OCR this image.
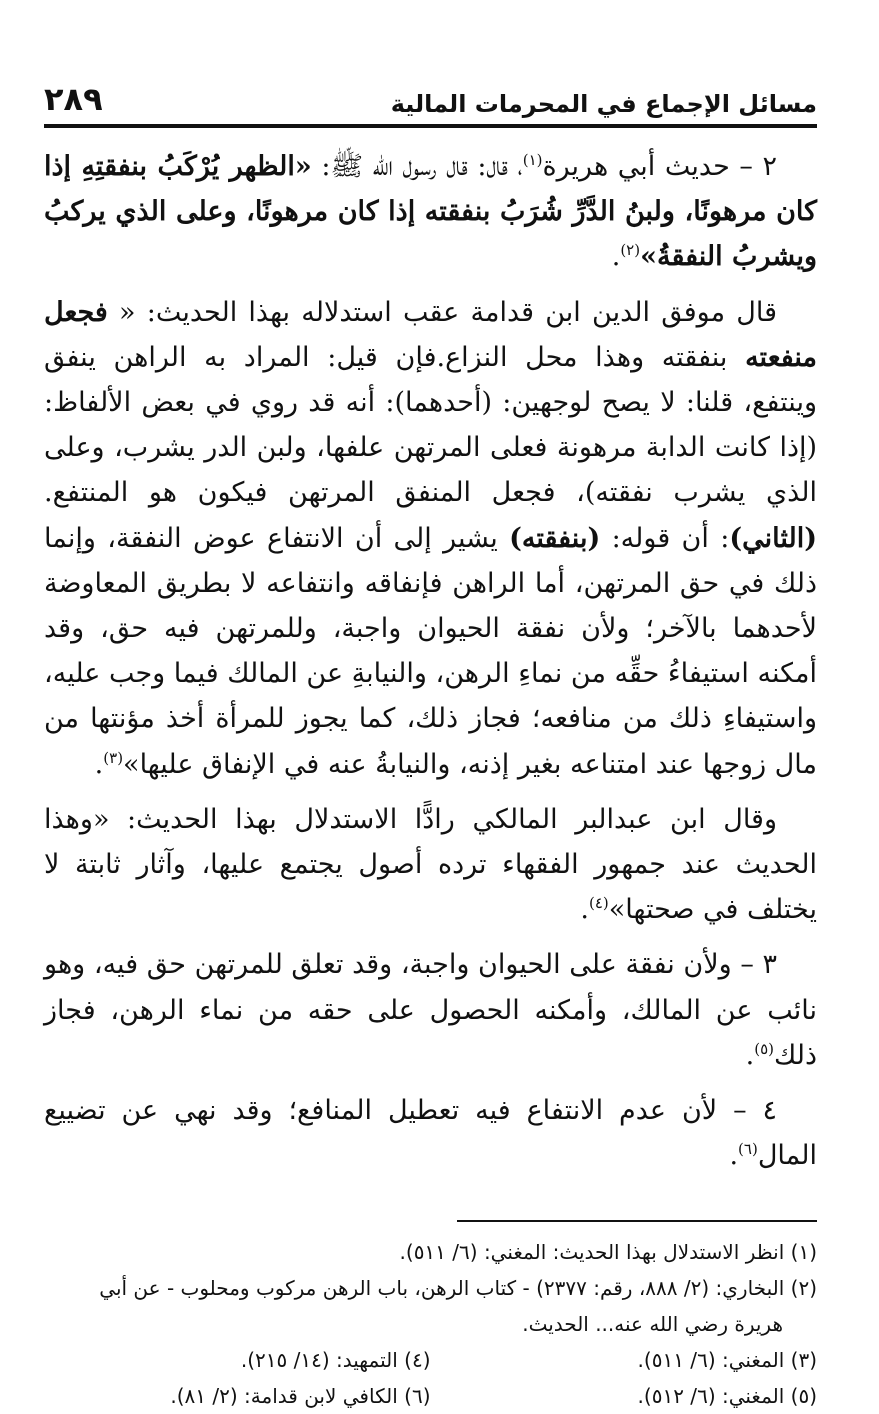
مسائل الإجماع في المحرمات المالية
٢٨٩

٢ – حديث أبي هريرة$^{(١)}$، قال: قال رسول الله ﷺ: «الظهر يُرْكَبُ بنفقتِهِ إذا كان مرهونًا، ولبنُ الدَّرِّ شُرَبُ بنفقته إذا كان مرهونًا، وعلى الذي يركبُ ويشربُ النفقةُ»$^{(٢)}$.

قال موفق الدين ابن قدامة عقب استدلاله بهذا الحديث: « فجعل منفعته بنفقته وهذا محل النزاع.فإن قيل: المراد به الراهن ينفق وينتفع، قلنا: لا يصح لوجهين: (أحدهما): أنه قد روي في بعض الألفاظ: (إذا كانت الدابة مرهونة فعلى المرتهن علفها، ولبن الدر يشرب، وعلى الذي يشرب نفقته)، فجعل المنفق المرتهن فيكون هو المنتفع. (الثاني): أن قوله: (بنفقته) يشير إلى أن الانتفاع عوض النفقة، وإنما ذلك في حق المرتهن، أما الراهن فإنفاقه وانتفاعه لا بطريق المعاوضة لأحدهما بالآخر؛ ولأن نفقة الحيوان واجبة، وللمرتهن فيه حق، وقد أمكنه استيفاءُ حقِّه من نماءِ الرهن، والنيابةِ عن المالك فيما وجب عليه، واستيفاءِ ذلك من منافعه؛ فجاز ذلك، كما يجوز للمرأة أخذ مؤنتها من مال زوجها عند امتناعه بغير إذنه، والنيابةُ عنه في الإنفاق عليها»$^{(٣)}$.

وقال ابن عبدالبر المالكي رادًّا الاستدلال بهذا الحديث: «وهذا الحديث عند جمهور الفقهاء ترده أصول يجتمع عليها، وآثار ثابتة لا يختلف في صحتها»$^{(٤)}$.

٣ – ولأن نفقة على الحيوان واجبة، وقد تعلق للمرتهن حق فيه، وهو نائب عن المالك، وأمكنه الحصول على حقه من نماء الرهن، فجاز ذلك$^{(٥)}$.

٤ – لأن عدم الانتفاع فيه تعطيل المنافع؛ وقد نهي عن تضييع المال$^{(٦)}$.

(١) انظر الاستدلال بهذا الحديث: المغني: (٦/ ٥١١).

(٢) البخاري: (٢/ ٨٨٨، رقم: ٢٣٧٧) - كتاب الرهن، باب الرهن مركوب ومحلوب - عن أبي
هريرة رضي الله عنه... الحديث.

(٣) المغني: (٦/ ٥١١).
(٤) التمهيد: (١٤/ ٢١٥).
(٥) المغني: (٦/ ٥١٢).
(٦) الكافي لابن قدامة: (٢/ ٨١).
